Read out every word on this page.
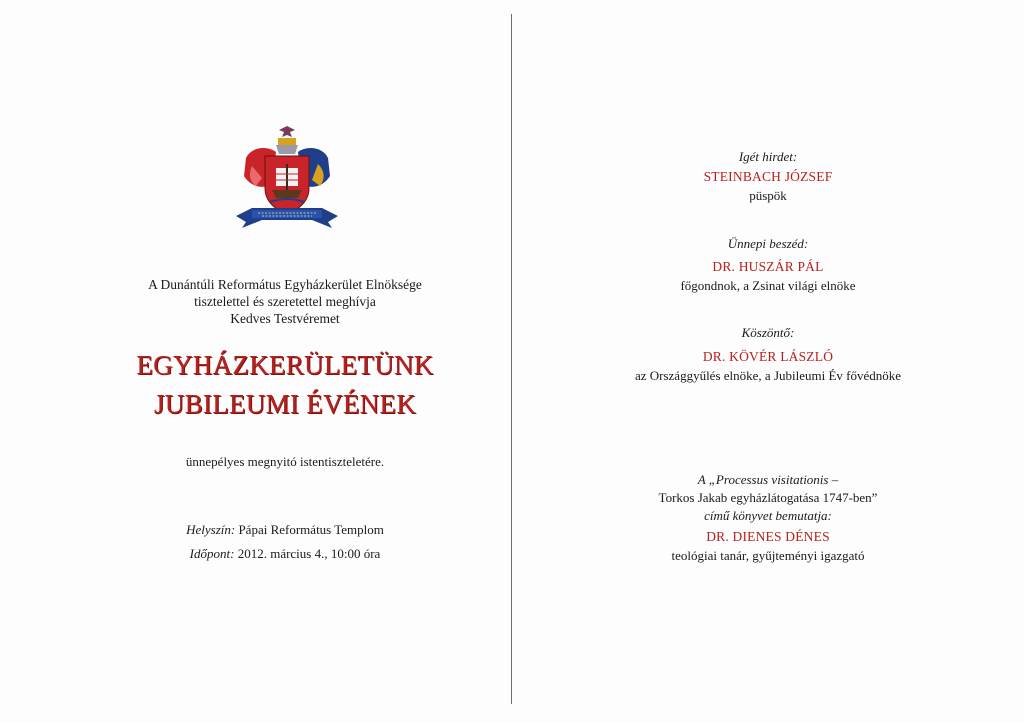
A Dunántúli Református Egyházkerület Elnöksége
tisztelettel és szeretettel meghívja
Kedves Testvéremet
EGYHÁZKERÜLETÜNK
JUBILEUMI ÉVÉNEK
ünnepélyes megnyitó istentiszteletére.
Helyszín: Pápai Református Templom
Időpont: 2012. március 4., 10:00 óra
Igét hirdet:
STEINBACH JÓZSEF
püspök
Ünnepi beszéd:
DR. HUSZÁR PÁL
főgondnok, a Zsinat világi elnöke
Köszöntő:
DR. KÖVÉR LÁSZLÓ
az Országgyűlés elnöke, a Jubileumi Év fővédnöke
A „Processus visitationis –
Torkos Jakab egyházlátogatása 1747-ben”
című könyvet bemutatja:
DR. DIENES DÉNES
teológiai tanár, gyűjteményi igazgató
